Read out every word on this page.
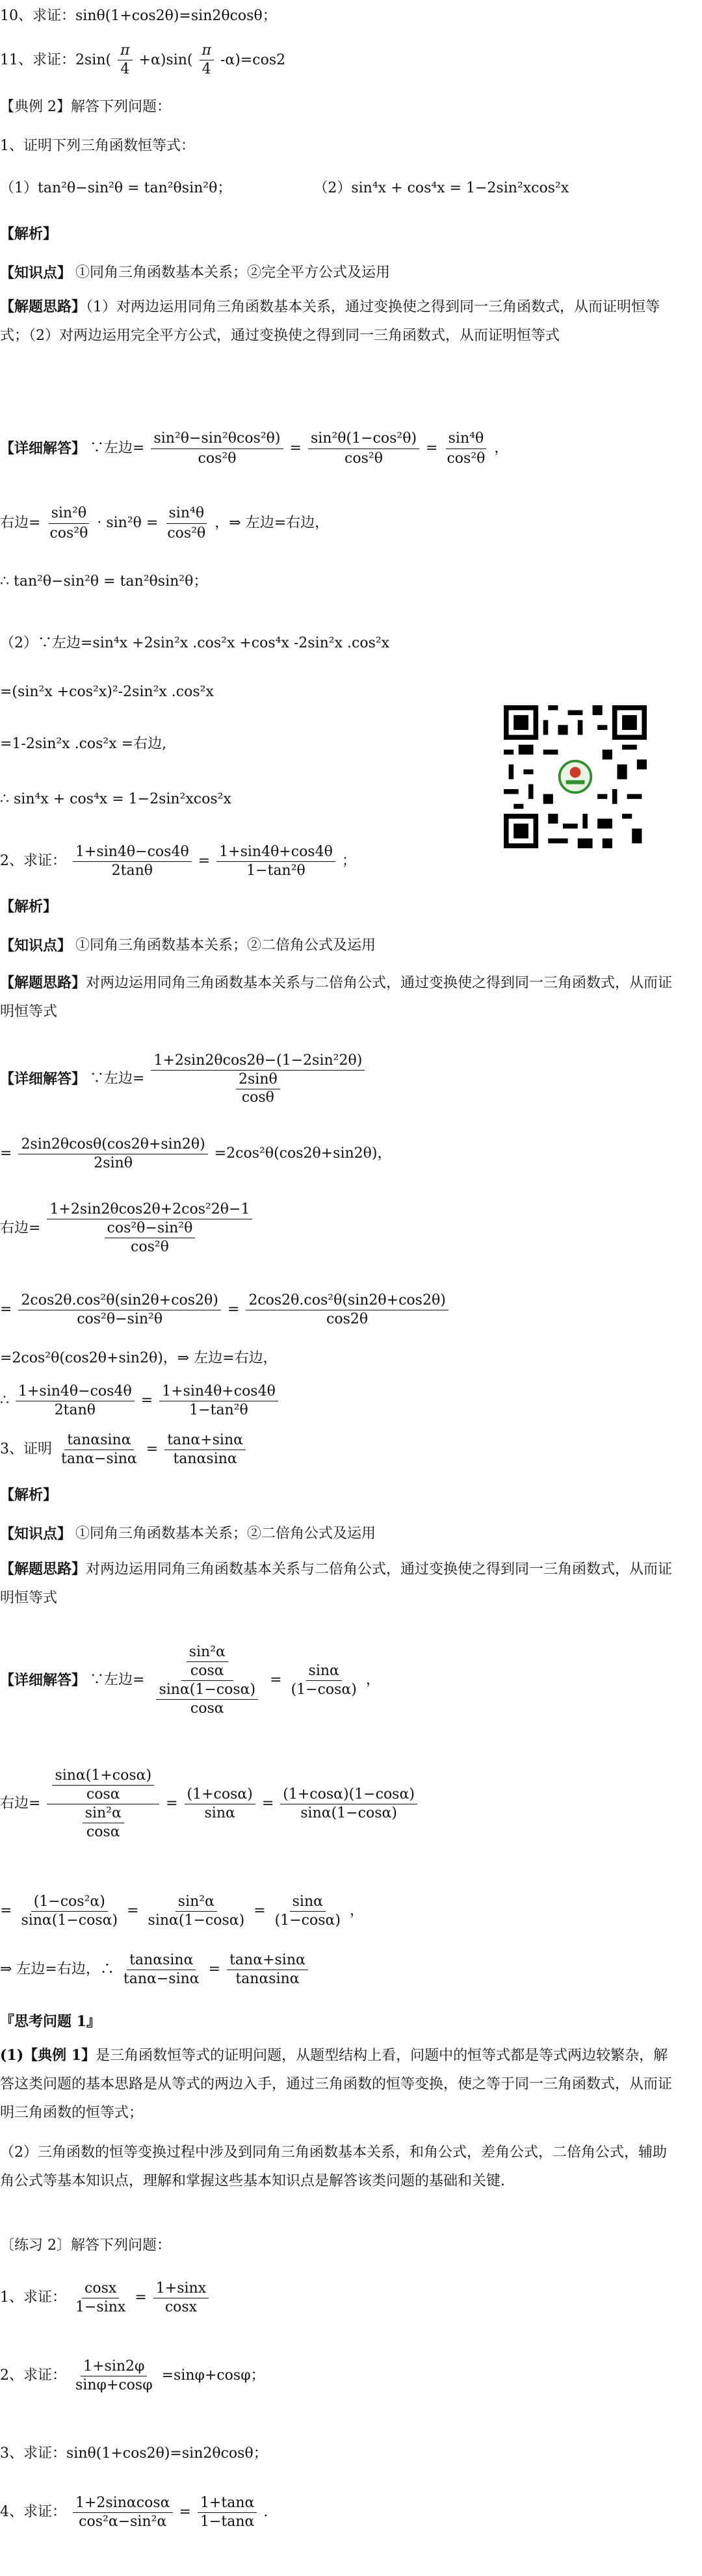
10、求证：sinθ(1+cos2θ)=sin2θcosθ；
11、求证：2sin(
π
4
+α)sin(
π
4
-α)=cos2
【典例 2】解答下列问题：
1、证明下列三角函数恒等式：
（1）tan²θ−sin²θ = tan²θsin²θ；	（2）sin⁴x + cos⁴x = 1−2sin²xcos²x
【解析】
【知识点】 ①同角三角函数基本关系；②完全平方公式及运用
【解题思路】（1）对两边运用同角三角函数基本关系，通过变换使之得到同一三角函数式，从而证明恒等式；（2）对两边运用完全平方公式，通过变换使之得到同一三角函数式，从而证明恒等式
【详细解答】 ∵左边= $\frac{\text{sin²θ−sin²θcos²θ)}}{\text{cos²θ}} = \frac{\text{sin²θ(1−cos²θ)}}{\text{cos²θ}} = \frac{\text{sin⁴θ}}{\text{cos²θ}}$ ，
右边= $\frac{\text{sin²θ}}{\text{cos²θ}} \cdot \sin^2\theta = \frac{\text{sin⁴θ}}{\text{cos²θ}}$ ，⇒ 左边=右边，
∴ tan²θ−sin²θ = tan²θsin²θ；
（2）∵左边=sin⁴x +2sin²x .cos²x +cos⁴x -2sin²x .cos²x
=(sin²x +cos²x)²-2sin²x .cos²x
=1-2sin²x .cos²x =右边,
∴ sin⁴x + cos⁴x = 1−2sin²xcos²x
2、求证： $\frac{1+\sin 4\theta-\cos 4\theta}{2\tan\theta} = \frac{1+\sin 4\theta+\cos 4\theta}{\text{1−tan²θ}}$ ；
【解析】
【知识点】 ①同角三角函数基本关系；②二倍角公式及运用
【解题思路】对两边运用同角三角函数基本关系与二倍角公式，通过变换使之得到同一三角函数式，从而证明恒等式
【详细解答】 ∵左边= $\frac{\text{1+2sin2θcos2θ−(1−2sin²2θ)}}{\frac{2\sin\theta}{\cos\theta}}$
= $\frac{2\sin 2\theta\cos\theta(\cos 2\theta+\sin 2\theta)}{2\sin\theta} =2\cos^2\theta(\cos 2\theta+\sin 2\theta)$，
右边= $\frac{\text{1+2sin2θcos2θ+2cos²2θ−1}}{\frac{\text{cos²θ−sin²θ}}{\text{cos²θ}}}$
= $\frac{\text{2cos2θ.cos²θ(sin2θ+cos2θ)}}{\text{cos²θ−sin²θ}} = \frac{\text{2cos2θ.cos²θ(sin2θ+cos2θ)}}{\cos 2\theta}$
=2cos²θ(cos2θ+sin2θ)，⇒ 左边=右边，
∴ $\frac{1+\sin 4\theta-\cos 4\theta}{2\tan\theta} = \frac{1+\sin 4\theta+\cos 4\theta}{\text{1−tan²θ}}$
3、证明 $\frac{\tan\alpha\sin\alpha}{\tan\alpha-\sin\alpha} = \frac{\tan\alpha+\sin\alpha}{\tan\alpha\sin\alpha}$
【解析】
【知识点】 ①同角三角函数基本关系；②二倍角公式及运用
【解题思路】对两边运用同角三角函数基本关系与二倍角公式，通过变换使之得到同一三角函数式，从而证明恒等式
【详细解答】 ∵左边= $\frac{\frac{\text{sin²α}}{\cos\alpha}}{\frac{\sin\alpha(1-\cos\alpha)}{\cos\alpha}} = \frac{\sin\alpha}{(1-\cos\alpha)}$ ，
右边= $\frac{\frac{\sin\alpha(1+\cos\alpha)}{\cos\alpha}}{\frac{\text{sin²α}}{\cos\alpha}} = \frac{(1+\cos\alpha)}{\sin\alpha} = \frac{(1+\cos\alpha)(1-\cos\alpha)}{\sin\alpha(1-\cos\alpha)}$
= $\frac{\text{(1−cos²α)}}{\sin\alpha(1-\cos\alpha)} = \frac{\text{sin²α}}{\sin\alpha(1-\cos\alpha)} = \frac{\sin\alpha}{(1-\cos\alpha)}$ ，
⇒ 左边=右边，∴ $\frac{\tan\alpha\sin\alpha}{\tan\alpha-\sin\alpha} = \frac{\tan\alpha+\sin\alpha}{\tan\alpha\sin\alpha}$
『思考问题 1』
(1)【典例 1】是三角函数恒等式的证明问题，从题型结构上看，问题中的恒等式都是等式两边较繁杂，解答这类问题的基本思路是从等式的两边入手，通过三角函数的恒等变换，使之等于同一三角函数式，从而证明三角函数的恒等式；
（2）三角函数的恒等变换过程中涉及到同角三角函数基本关系，和角公式，差角公式，二倍角公式，辅助角公式等基本知识点，理解和掌握这些基本知识点是解答该类问题的基础和关键.
〔练习 2〕解答下列问题：
1、求证： $\frac{\cos x}{1-\sin x} = \frac{1+\sin x}{\cos x}$
2、求证： $\frac{1+\sin 2\varphi}{\sin\varphi+\cos\varphi} =\sin\varphi+\cos\varphi$；
3、求证：sinθ(1+cos2θ)=sin2θcosθ；
4、求证： $\frac{1+2\sin\alpha\cos\alpha}{\text{cos²α−sin²α}} = \frac{1+\tan\alpha}{1-\tan\alpha}$ .
